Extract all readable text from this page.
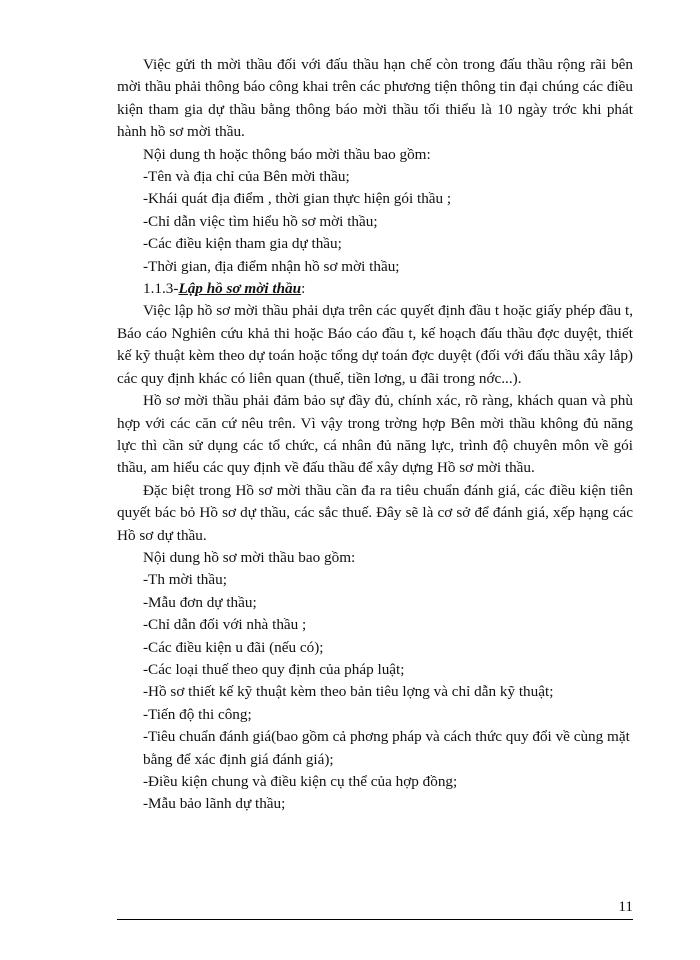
Việc gửi th mời thầu đối với đấu thầu hạn chế còn trong đấu thầu rộng rãi bên mời thầu phải thông báo công khai trên các phương tiện thông tin đại chúng các điều kiện tham gia dự thầu bằng thông báo mời thầu tối thiểu là 10 ngày trớc khi phát hành hồ sơ mời thầu.

Nội dung th hoặc thông báo mời thầu bao gồm:

-Tên và địa chỉ của Bên mời thầu;

-Khái quát địa điểm , thời gian thực hiện gói thầu ;

-Chỉ dẫn việc tìm hiểu hồ sơ mời thầu;

-Các điều kiện tham gia dự thầu;

-Thời gian, địa điểm nhận hồ sơ mời thầu;

1.1.3-Lập hồ sơ mời thầu:

Việc lập hồ sơ mời thầu phải dựa trên các quyết định đầu t hoặc giấy phép đầu t, Báo cáo Nghiên cứu khả thi hoặc Báo cáo đầu t, kế hoạch đấu thầu đợc duyệt, thiết kế kỹ thuật kèm theo dự toán hoặc tổng dự toán đợc duyệt (đối với đấu thầu xây lắp) các quy định khác có liên quan (thuế, tiền lơng, u đãi trong nớc...).

Hồ sơ mời thầu phải đảm bảo sự đầy đủ, chính xác, rõ ràng, khách quan và phù hợp với các căn cứ nêu trên. Vì vậy trong trờng hợp Bên mời thầu không đủ năng lực thì cần sử dụng các tổ chức, cá nhân đủ năng lực, trình độ chuyên môn về gói thầu, am hiểu các quy định về đấu thầu để xây dựng Hồ sơ mời thầu.

Đặc biệt trong Hồ sơ mời thầu cần đa ra tiêu chuẩn đánh giá, các điều kiện tiên quyết bác bỏ Hồ sơ dự thầu, các sắc thuế. Đây sẽ là cơ sở để đánh giá, xếp hạng các Hồ sơ dự thầu.

Nội dung hồ sơ mời thầu bao gồm:

-Th mời thầu;

-Mẫu đơn dự thầu;

-Chỉ dẫn đối với nhà thầu ;

-Các điều kiện u đãi (nếu có);

-Các loại thuế theo quy định của pháp luật;

-Hồ sơ thiết kế kỹ thuật kèm theo bản tiêu lợng và chỉ dẫn kỹ thuật;

-Tiến độ thi công;

-Tiêu chuẩn đánh giá(bao gồm cả phơng pháp và cách thức quy đổi về cùng mặt bằng để xác định giá đánh giá);

-Điều kiện chung và điều kiện cụ thể của hợp đồng;

-Mẫu bảo lãnh dự thầu;

11
